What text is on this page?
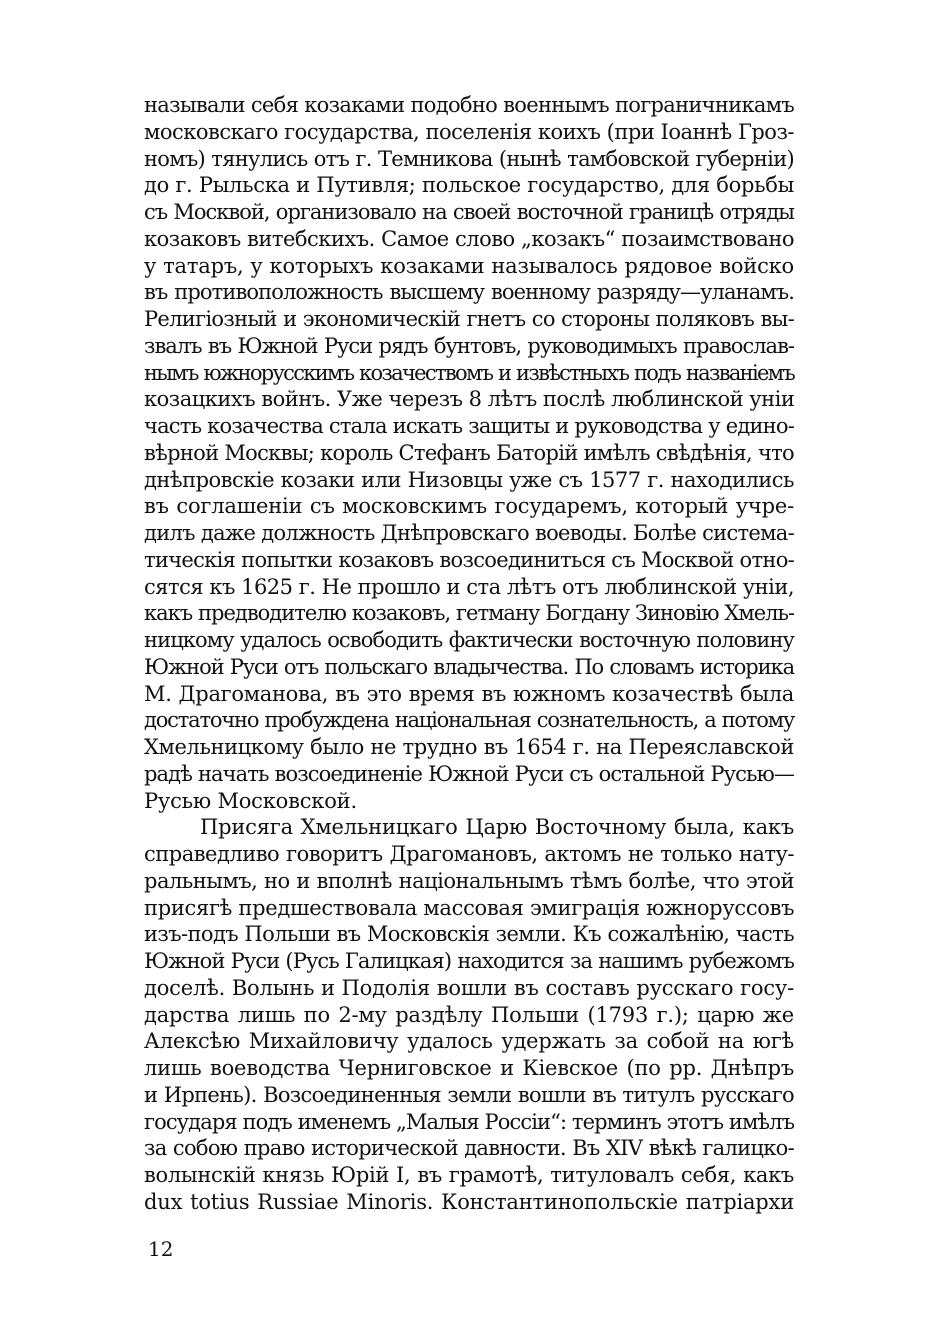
называли себя козаками подобно военнымъ пограничникамъ
московскаго государства, поселенія коихъ (при Іоаннѣ Гроз-
номъ) тянулись отъ г. Темникова (нынѣ тамбовской губерніи)
до г. Рыльска и Путивля; польское государство, для борьбы
съ Москвой, организовало на своей восточной границѣ отряды
козаковъ витебскихъ. Самое слово „козакъ“ позаимствовано
у татаръ, у которыхъ козаками называлось рядовое войско
въ противоположность высшему военному разряду—уланамъ.
Религіозный и экономическій гнетъ со стороны поляковъ вы-
звалъ въ Южной Руси рядъ бунтовъ, руководимыхъ православ-
нымъ южнорусскимъ козачествомъ и извѣстныхъ подъ названіемъ
козацкихъ войнъ. Уже черезъ 8 лѣтъ послѣ люблинской уніи
часть козачества стала искать защиты и руководства у едино-
вѣрной Москвы; король Стефанъ Баторій имѣлъ свѣдѣнія, что
днѣпровскіе козаки или Низовцы уже съ 1577 г. находились
въ соглашеніи съ московскимъ государемъ, который учре-
дилъ даже должность Днѣпровскаго воеводы. Болѣе система-
тическія попытки козаковъ возсоединиться съ Москвой отно-
сятся къ 1625 г. Не прошло и ста лѣтъ отъ люблинской уніи,
какъ предводителю козаковъ, гетману Богдану Зиновію Хмель-
ницкому удалось освободить фактически восточную половину
Южной Руси отъ польскаго владычества. По словамъ историка
М. Драгоманова, въ это время въ южномъ козачествѣ была
достаточно пробуждена національная сознательность, а потому
Хмельницкому было не трудно въ 1654 г. на Переяславской
радѣ начать возсоединеніе Южной Руси съ остальной Русью—
Русью Московской.
Присяга Хмельницкаго Царю Восточному была, какъ
справедливо говоритъ Драгомановъ, актомъ не только нату-
ральнымъ, но и вполнѣ національнымъ тѣмъ болѣе, что этой
присягѣ предшествовала массовая эмиграція южноруссовъ
изъ-подъ Польши въ Московскія земли. Къ сожалѣнію, часть
Южной Руси (Русь Галицкая) находится за нашимъ рубежомъ
доселѣ. Волынь и Подолія вошли въ составъ русскаго госу-
дарства лишь по 2-му раздѣлу Польши (1793 г.); царю же
Алексѣю Михайловичу удалось удержать за собой на югѣ
лишь воеводства Черниговское и Кіевское (по рр. Днѣпръ
и Ирпень). Возсоединенныя земли вошли въ титулъ русскаго
государя подъ именемъ „Малыя Россіи“: терминъ этотъ имѣлъ
за собою право исторической давности. Въ XIV вѣкѣ галицко-
волынскій князь Юрій I, въ грамотѣ, титуловалъ себя, какъ
dux totius Russiae Minoris. Константинопольскіе патріархи
12
